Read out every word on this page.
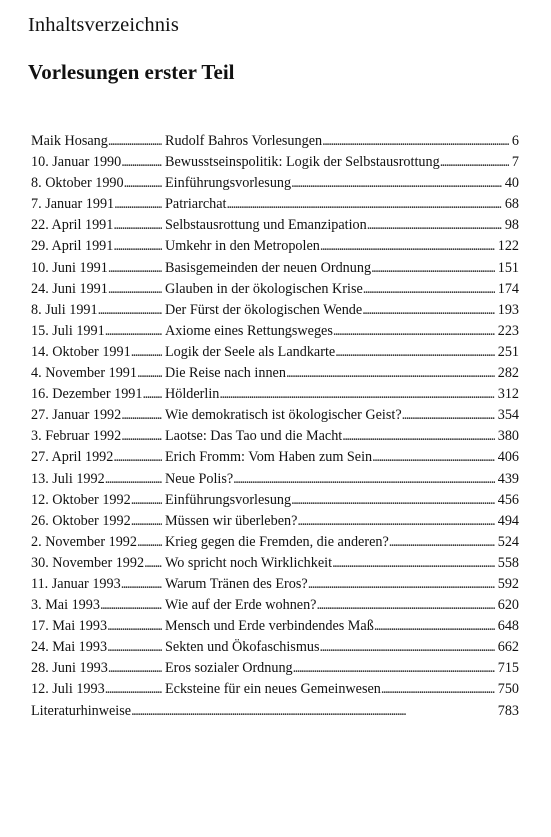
Inhaltsverzeichnis
Vorlesungen erster Teil
Maik Hosang . . .	Rudolf Bahros Vorlesungen . . .	6
10. Januar 1990 . . .	Bewusstseinspolitik: Logik der Selbstausrottung . . .	7
8. Oktober 1990 . . .	Einführungsvorlesung . . .	40
7. Januar 1991 . . .	Patriarchat . . .	68
22. April 1991 . . .	Selbstausrottung und Emanzipation . . .	98
29. April 1991 . . .	Umkehr in den Metropolen . . .	122
10. Juni 1991 . . .	Basisgemeinden der neuen Ordnung . . .	151
24. Juni 1991 . . .	Glauben in der ökologischen Krise . . .	174
8. Juli 1991 . . .	Der Fürst der ökologischen Wende . . .	193
15. Juli 1991 . . .	Axiome eines Rettungsweges . . .	223
14. Oktober 1991 . . . Logik der Seele als Landkarte . . .	251
4. November 1991 . . . Die Reise nach innen . . .	282
16. Dezember 1991 . . . Hölderlin . . .	312
27. Januar 1992 . . .	Wie demokratisch ist ökologischer Geist? . . .	354
3. Februar 1992 . . .	Laotse: Das Tao und die Macht . . .	380
27. April 1992 . . .	Erich Fromm: Vom Haben zum Sein . . .	406
13. Juli 1992 . . .	Neue Polis? . . .	439
12. Oktober 1992 . . . Einführungsvorlesung . . .	456
26. Oktober 1992 . . . Müssen wir überleben? . . .	494
2. November 1992 . . . Krieg gegen die Fremden, die anderen? . . .	524
30. November 1992 . . . Wo spricht noch Wirklichkeit . . .	558
11. Januar 1993 . . .	Warum Tränen des Eros? . . .	592
3. Mai 1993 . . .	Wie auf der Erde wohnen? . . .	620
17. Mai 1993 . . .	Mensch und Erde verbindendes Maß . . .	648
24. Mai 1993 . . .	Sekten und Ökofaschismus . . .	662
28. Juni 1993 . . .	Eros sozialer Ordnung . . .	715
12. Juli 1993 . . .	Ecksteine für ein neues Gemeinwesen . . .	750
Literaturhinweise . . .	783
